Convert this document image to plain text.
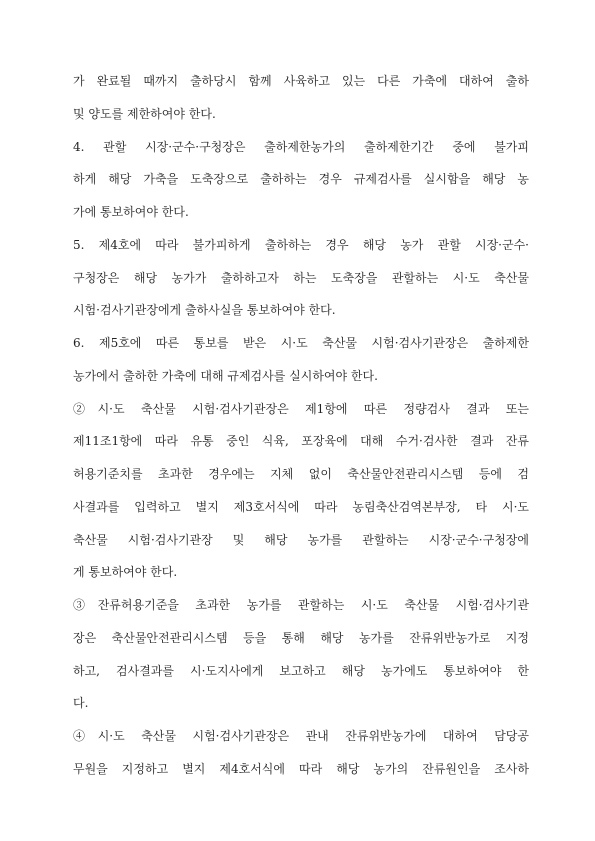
가 완료될 때까지 출하당시 함께 사육하고 있는 다른 가축에 대하여 출하
및 양도를 제한하여야 한다.
4. 관할 시장·군수·구청장은 출하제한농가의 출하제한기간 중에 불가피
하게 해당 가축을 도축장으로 출하하는 경우 규제검사를 실시함을 해당 농
가에 통보하여야 한다.
5. 제4호에 따라 불가피하게 출하하는 경우 해당 농가 관할 시장·군수·
구청장은 해당 농가가 출하하고자 하는 도축장을 관할하는 시·도 축산물
시험·검사기관장에게 출하사실을 통보하여야 한다.
6. 제5호에 따른 통보를 받은 시·도 축산물 시험·검사기관장은 출하제한
농가에서 출하한 가축에 대해 규제검사를 실시하여야 한다.
②시·도 축산물 시험·검사기관장은 제1항에 따른 정량검사 결과 또는
제11조1항에 따라 유통 중인 식육, 포장육에 대해 수거·검사한 결과 잔류
허용기준치를 초과한 경우에는 지체 없이 축산물안전관리시스템 등에 검
사결과를 입력하고 별지 제3호서식에 따라 농림축산검역본부장, 타 시·도
축산물 시험·검사기관장 및 해당 농가를 관할하는 시장·군수·구청장에
게 통보하여야 한다.
③잔류허용기준을 초과한 농가를 관할하는 시·도 축산물 시험·검사기관
장은 축산물안전관리시스템 등을 통해 해당 농가를 잔류위반농가로 지정
하고, 검사결과를 시·도지사에게 보고하고 해당 농가에도 통보하여야 한
다.
④시·도 축산물 시험·검사기관장은 관내 잔류위반농가에 대하여 담당공
무원을 지정하고 별지 제4호서식에 따라 해당 농가의 잔류원인을 조사하
